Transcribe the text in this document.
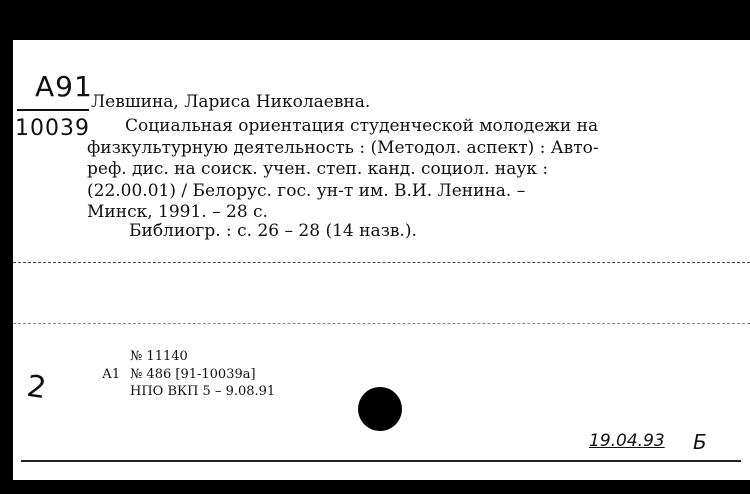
A91
10039
Левшина, Лариса Николаевна.
Социальная ориентация студенческой молодежи на
физкультурную деятельность : (Методол. аспект) : Авто-
реф. дис. на соиск. учен. степ. канд. социол. наук :
(22.00.01) / Белорус. гос. ун-т им. В.И. Ленина. –
Минск, 1991. – 28 с.
Библиогр. : с. 26 – 28 (14 назв.).
№ 11140
А1 № 486 [91-10039а]
НПО ВКП 5 – 9.08.91
2
19.04.93 Б
